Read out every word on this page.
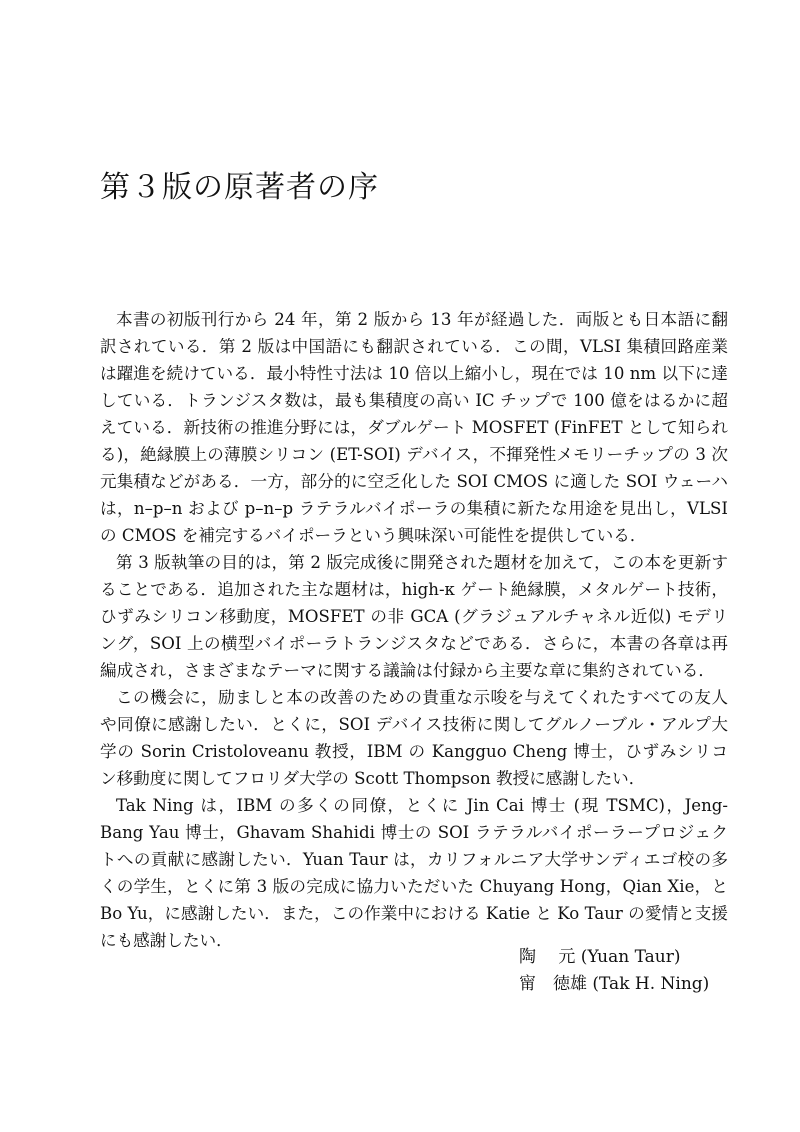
第３版の原著者の序

本書の初版刊行から 24 年，第 2 版から 13 年が経過した．両版とも日本語に翻訳されている．第 2 版は中国語にも翻訳されている．この間，VLSI 集積回路産業は躍進を続けている．最小特性寸法は 10 倍以上縮小し，現在では 10 nm 以下に達している．トランジスタ数は，最も集積度の高い IC チップで 100 億をはるかに超えている．新技術の推進分野には，ダブルゲート MOSFET (FinFET として知られる)，絶縁膜上の薄膜シリコン (ET-SOI) デバイス，不揮発性メモリーチップの 3 次元集積などがある．一方，部分的に空乏化した SOI CMOS に適した SOI ウェーハは，n–p–n および p–n–p ラテラルバイポーラの集積に新たな用途を見出し，VLSI の CMOS を補完するバイポーラという興味深い可能性を提供している．

第 3 版執筆の目的は，第 2 版完成後に開発された題材を加えて，この本を更新することである．追加された主な題材は，high-κ ゲート絶縁膜，メタルゲート技術，ひずみシリコン移動度，MOSFET の非 GCA (グラジュアルチャネル近似) モデリング，SOI 上の横型バイポーラトランジスタなどである．さらに，本書の各章は再編成され，さまざまなテーマに関する議論は付録から主要な章に集約されている．

この機会に，励ましと本の改善のための貴重な示唆を与えてくれたすべての友人や同僚に感謝したい．とくに，SOI デバイス技術に関してグルノーブル・アルプ大学の Sorin Cristoloveanu 教授，IBM の Kangguo Cheng 博士，ひずみシリコン移動度に関してフロリダ大学の Scott Thompson 教授に感謝したい．

Tak Ning は，IBM の多くの同僚，とくに Jin Cai 博士 (現 TSMC)，Jeng-Bang Yau 博士，Ghavam Shahidi 博士の SOI ラテラルバイポーラープロジェクトへの貢献に感謝したい．Yuan Taur は，カリフォルニア大学サンディエゴ校の多くの学生，とくに第 3 版の完成に協力いただいた Chuyang Hong，Qian Xie，と Bo Yu，に感謝したい．また，この作業中における Katie と Ko Taur の愛情と支援にも感謝したい．

陶　 元 (Yuan Taur)
甯　徳雄 (Tak H. Ning)
